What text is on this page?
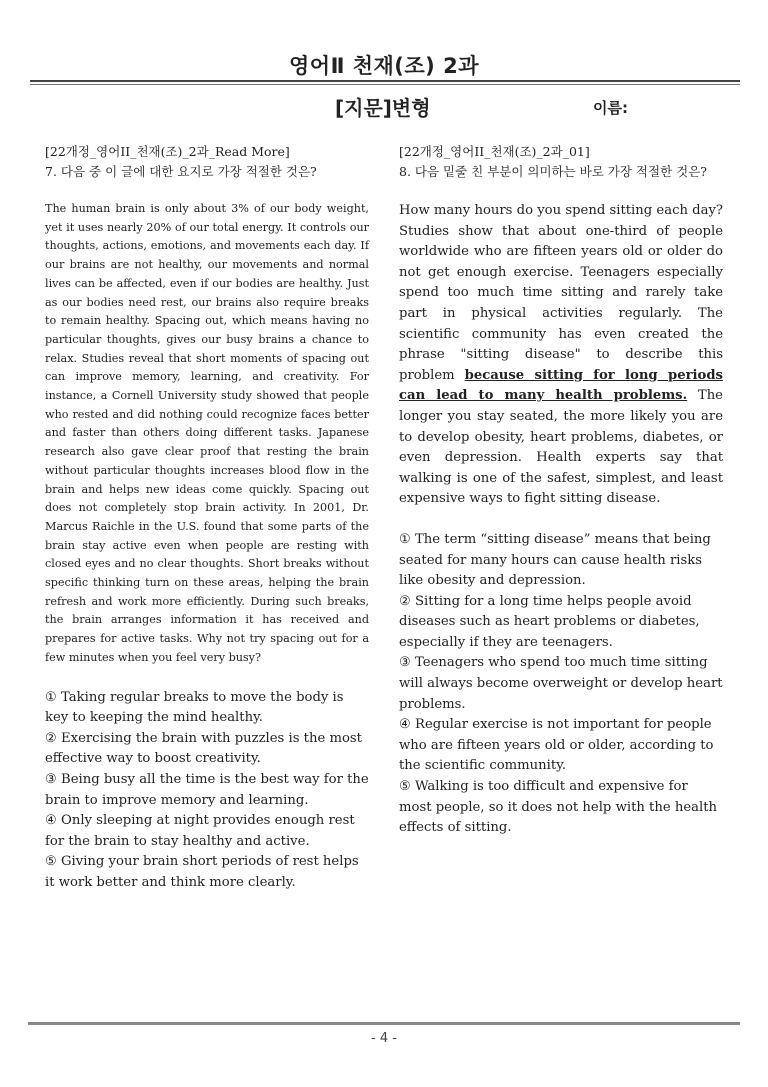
영어Ⅱ 천재(조) 2과
[지문]변형	이름:
[22개정_영어II_천재(조)_2과_Read More]
7. 다음 중 이 글에 대한 요지로 가장 적절한 것은?
The human brain is only about 3% of our body weight, yet it uses nearly 20% of our total energy. It controls our thoughts, actions, emotions, and movements each day. If our brains are not healthy, our movements and normal lives can be affected, even if our bodies are healthy. Just as our bodies need rest, our brains also require breaks to remain healthy. Spacing out, which means having no particular thoughts, gives our busy brains a chance to relax. Studies reveal that short moments of spacing out can improve memory, learning, and creativity. For instance, a Cornell University study showed that people who rested and did nothing could recognize faces better and faster than others doing different tasks. Japanese research also gave clear proof that resting the brain without particular thoughts increases blood flow in the brain and helps new ideas come quickly. Spacing out does not completely stop brain activity. In 2001, Dr. Marcus Raichle in the U.S. found that some parts of the brain stay active even when people are resting with closed eyes and no clear thoughts. Short breaks without specific thinking turn on these areas, helping the brain refresh and work more efficiently. During such breaks, the brain arranges information it has received and prepares for active tasks. Why not try spacing out for a few minutes when you feel very busy?

① Taking regular breaks to move the body is key to keeping the mind healthy.

② Exercising the brain with puzzles is the most effective way to boost creativity.

③ Being busy all the time is the best way for the brain to improve memory and learning.

④ Only sleeping at night provides enough rest for the brain to stay healthy and active.

⑤ Giving your brain short periods of rest helps it work better and think more clearly.

[22개정_영어II_천재(조)_2과_01]
8. 다음 밑줄 친 부분이 의미하는 바로 가장 적절한 것은?
How many hours do you spend sitting each day? Studies show that about one-third of people worldwide who are fifteen years old or older do not get enough exercise. Teenagers especially spend too much time sitting and rarely take part in physical activities regularly. The scientific community has even created the phrase "sitting disease" to describe this problem because sitting for long periods can lead to many health problems. The longer you stay seated, the more likely you are to develop obesity, heart problems, diabetes, or even depression. Health experts say that walking is one of the safest, simplest, and least expensive ways to fight sitting disease.

① The term “sitting disease” means that being seated for many hours can cause health risks like obesity and depression.

② Sitting for a long time helps people avoid diseases such as heart problems or diabetes, especially if they are teenagers.

③ Teenagers who spend too much time sitting will always become overweight or develop heart problems.

④ Regular exercise is not important for people who are fifteen years old or older, according to the scientific community.

⑤ Walking is too difficult and expensive for most people, so it does not help with the health effects of sitting.

- 4 -
